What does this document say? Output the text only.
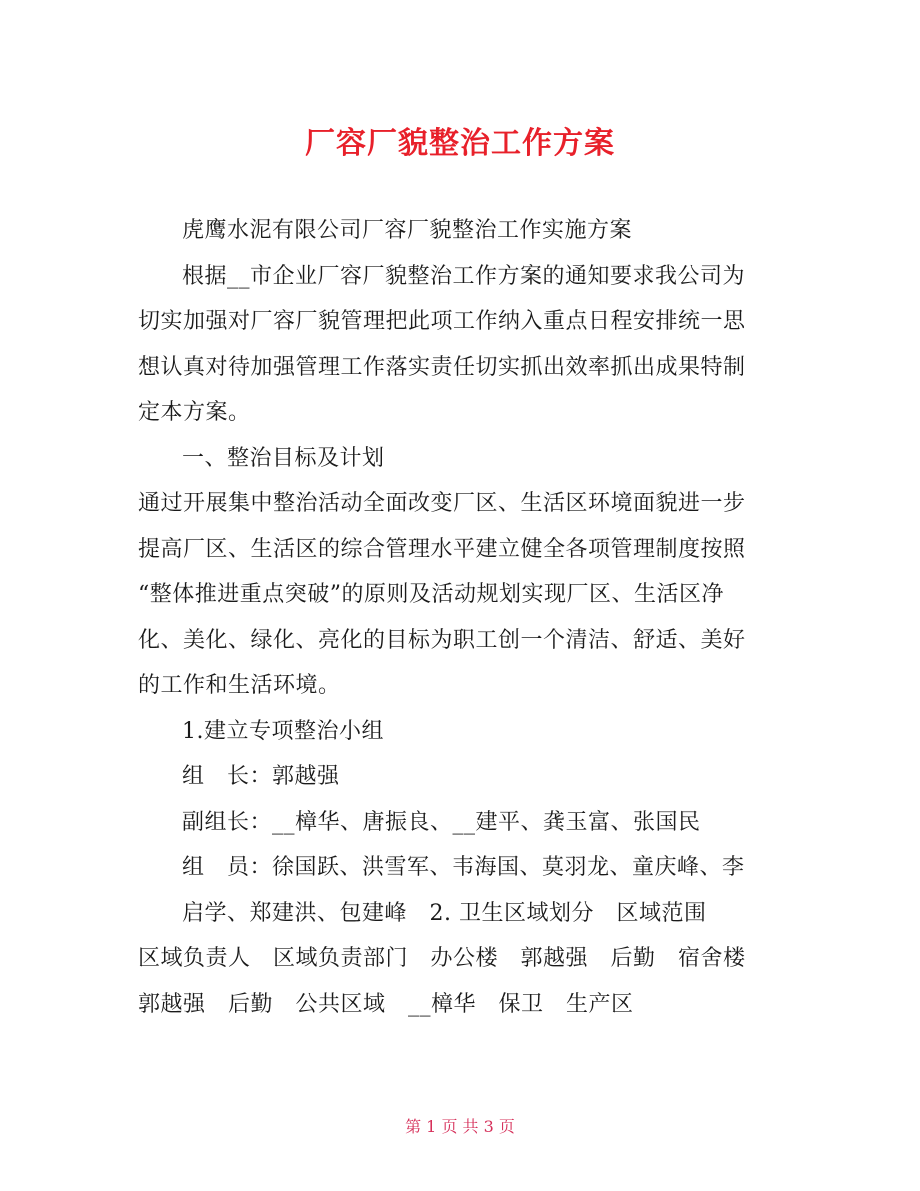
厂容厂貌整治工作方案

虎鹰水泥有限公司厂容厂貌整治工作实施方案

根据__市企业厂容厂貌整治工作方案的通知要求我公司为

切实加强对厂容厂貌管理把此项工作纳入重点日程安排统一思

想认真对待加强管理工作落实责任切实抓出效率抓出成果特制

定本方案。

一、整治目标及计划

通过开展集中整治活动全面改变厂区、生活区环境面貌进一步

提高厂区、生活区的综合管理水平建立健全各项管理制度按照

“整体推进重点突破”的原则及活动规划实现厂区、生活区净

化、美化、绿化、亮化的目标为职工创一个清洁、舒适、美好

的工作和生活环境。

1.建立专项整治小组

组　长：郭越强

副组长：__樟华、唐振良、__建平、龚玉富、张国民

组　员：徐国跃、洪雪军、韦海国、莫羽龙、童庆峰、李

启学、郑建洪、包建峰　2. 卫生区域划分　区域范围

区域负责人　区域负责部门　办公楼　郭越强　后勤　宿舍楼

郭越强　后勤　公共区域　__樟华　保卫　生产区

第 1 页 共 3 页
